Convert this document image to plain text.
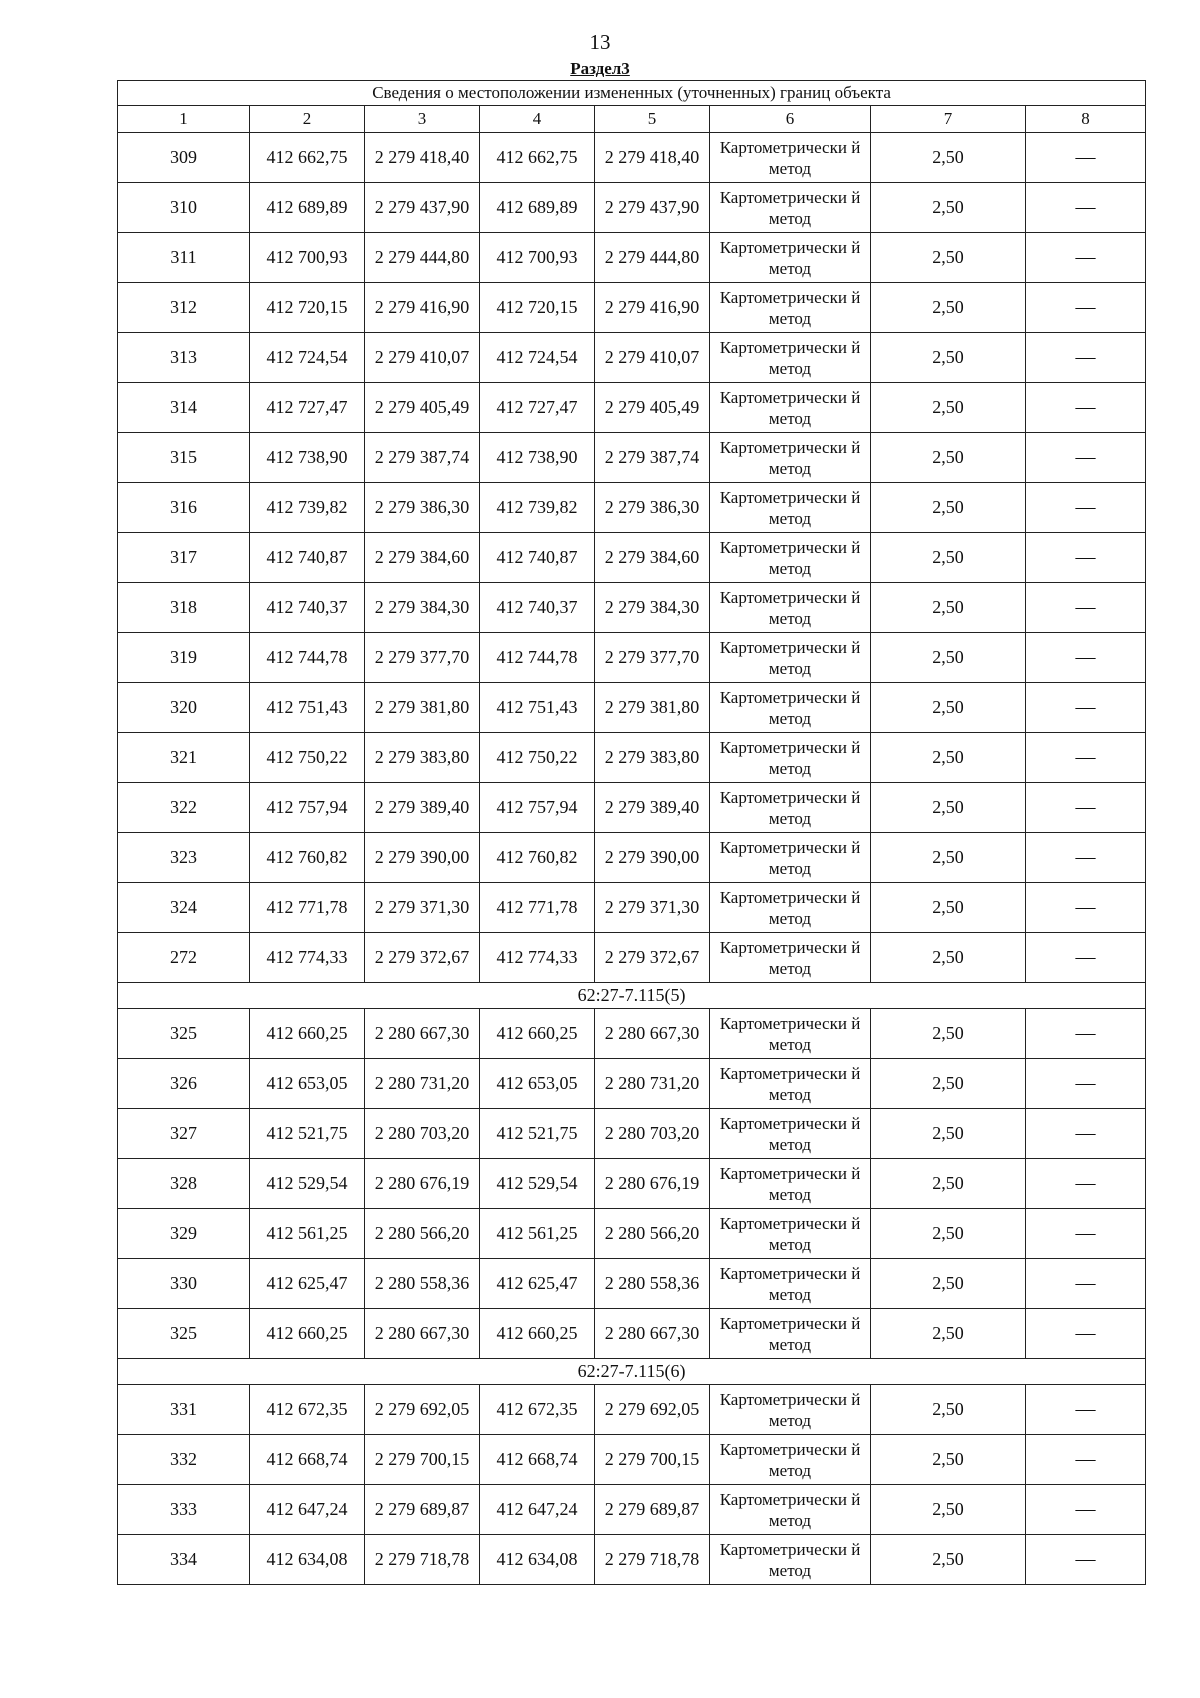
13
Раздел3
Сведения о местоположении измененных (уточненных) границ объекта							
1	2	3	4	5	6	7	8
309	412 662,75	2 279 418,40	412 662,75	2 279 418,40	Картометрически й метод	2,50	—
310	412 689,89	2 279 437,90	412 689,89	2 279 437,90	Картометрически й метод	2,50	—
311	412 700,93	2 279 444,80	412 700,93	2 279 444,80	Картометрически й метод	2,50	—
312	412 720,15	2 279 416,90	412 720,15	2 279 416,90	Картометрически й метод	2,50	—
313	412 724,54	2 279 410,07	412 724,54	2 279 410,07	Картометрически й метод	2,50	—
314	412 727,47	2 279 405,49	412 727,47	2 279 405,49	Картометрически й метод	2,50	—
315	412 738,90	2 279 387,74	412 738,90	2 279 387,74	Картометрически й метод	2,50	—
316	412 739,82	2 279 386,30	412 739,82	2 279 386,30	Картометрически й метод	2,50	—
317	412 740,87	2 279 384,60	412 740,87	2 279 384,60	Картометрически й метод	2,50	—
318	412 740,37	2 279 384,30	412 740,37	2 279 384,30	Картометрически й метод	2,50	—
319	412 744,78	2 279 377,70	412 744,78	2 279 377,70	Картометрически й метод	2,50	—
320	412 751,43	2 279 381,80	412 751,43	2 279 381,80	Картометрически й метод	2,50	—
321	412 750,22	2 279 383,80	412 750,22	2 279 383,80	Картометрически й метод	2,50	—
322	412 757,94	2 279 389,40	412 757,94	2 279 389,40	Картометрически й метод	2,50	—
323	412 760,82	2 279 390,00	412 760,82	2 279 390,00	Картометрически й метод	2,50	—
324	412 771,78	2 279 371,30	412 771,78	2 279 371,30	Картометрически й метод	2,50	—
272	412 774,33	2 279 372,67	412 774,33	2 279 372,67	Картометрически й метод	2,50	—
62:27-7.115(5)							
325	412 660,25	2 280 667,30	412 660,25	2 280 667,30	Картометрически й метод	2,50	—
326	412 653,05	2 280 731,20	412 653,05	2 280 731,20	Картометрически й метод	2,50	—
327	412 521,75	2 280 703,20	412 521,75	2 280 703,20	Картометрически й метод	2,50	—
328	412 529,54	2 280 676,19	412 529,54	2 280 676,19	Картометрически й метод	2,50	—
329	412 561,25	2 280 566,20	412 561,25	2 280 566,20	Картометрически й метод	2,50	—
330	412 625,47	2 280 558,36	412 625,47	2 280 558,36	Картометрически й метод	2,50	—
325	412 660,25	2 280 667,30	412 660,25	2 280 667,30	Картометрически й метод	2,50	—
62:27-7.115(6)							
331	412 672,35	2 279 692,05	412 672,35	2 279 692,05	Картометрически й метод	2,50	—
332	412 668,74	2 279 700,15	412 668,74	2 279 700,15	Картометрически й метод	2,50	—
333	412 647,24	2 279 689,87	412 647,24	2 279 689,87	Картометрически й метод	2,50	—
334	412 634,08	2 279 718,78	412 634,08	2 279 718,78	Картометрически й метод	2,50	—
